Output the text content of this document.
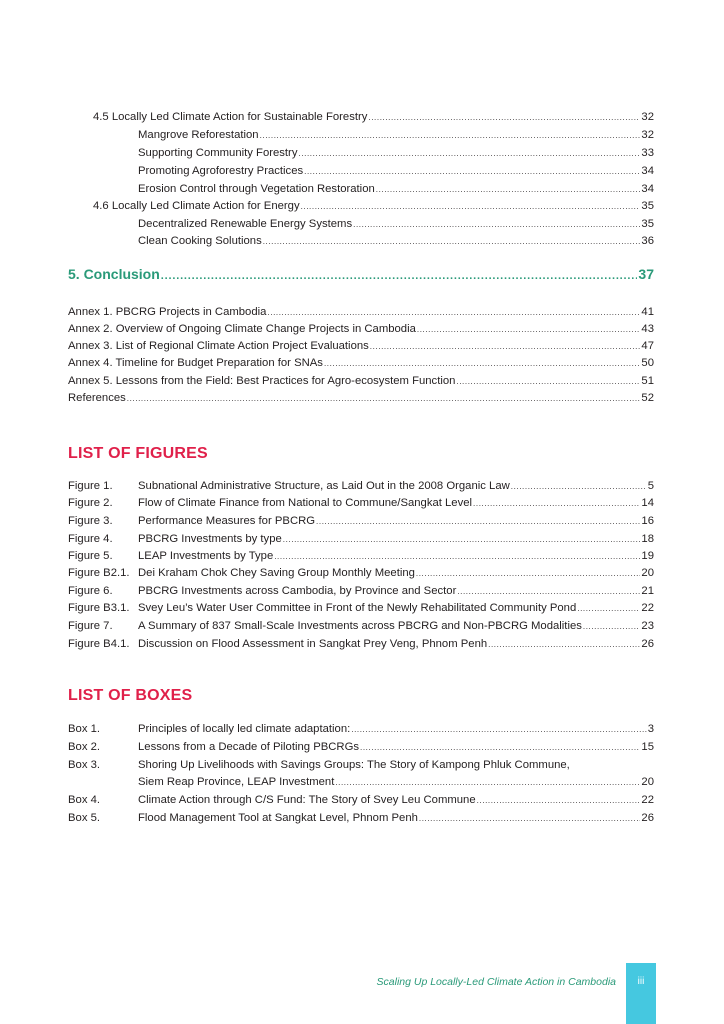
4.5 Locally Led Climate Action for Sustainable Forestry .....	32
Mangrove Reforestation .....	32
Supporting Community Forestry .....	33
Promoting Agroforestry Practices .....	34
Erosion Control through Vegetation Restoration .....	34
4.6 Locally Led Climate Action for Energy .....	35
Decentralized Renewable Energy Systems .....	35
Clean Cooking Solutions .....	36
5. Conclusion .....	37
Annex 1. PBCRG Projects in Cambodia .....	41
Annex 2. Overview of Ongoing Climate Change Projects in Cambodia .....	43
Annex 3. List of Regional Climate Action Project Evaluations .....	47
Annex 4. Timeline for Budget Preparation for SNAs .....	50
Annex 5. Lessons from the Field: Best Practices for Agro-ecosystem Function .....	51
References .....	52
LIST OF FIGURES
Figure 1.	Subnational Administrative Structure, as Laid Out in the 2008 Organic Law .....	5
Figure 2.	Flow of Climate Finance from National to Commune/Sangkat Level .....	14
Figure 3.	Performance Measures for PBCRG .....	16
Figure 4.	PBCRG Investments by type .....	18
Figure 5.	LEAP Investments by Type .....	19
Figure B2.1. Dei Kraham Chok Chey Saving Group Monthly Meeting .....	20
Figure 6.	PBCRG Investments across Cambodia, by Province and Sector .....	21
Figure B3.1. Svey Leu’s Water User Committee in Front of the Newly Rehabilitated Community Pond .....	22
Figure 7.	A Summary of 837 Small-Scale Investments across PBCRG and Non-PBCRG Modalities .....	23
Figure B4.1. Discussion on Flood Assessment in Sangkat Prey Veng, Phnom Penh .....	26
LIST OF BOXES
Box 1.	Principles of locally led climate adaptation: .....	3
Box 2.	Lessons from a Decade of Piloting PBCRGs .....	15
Box 3.	Shoring Up Livelihoods with Savings Groups: The Story of Kampong Phluk Commune,
Siem Reap Province, LEAP Investment .....	20
Box 4.	Climate Action through C/S Fund: The Story of Svey Leu Commune .....	22
Box 5.	Flood Management Tool at Sangkat Level, Phnom Penh .....	26
Scaling Up Locally-Led Climate Action in Cambodia	iii
